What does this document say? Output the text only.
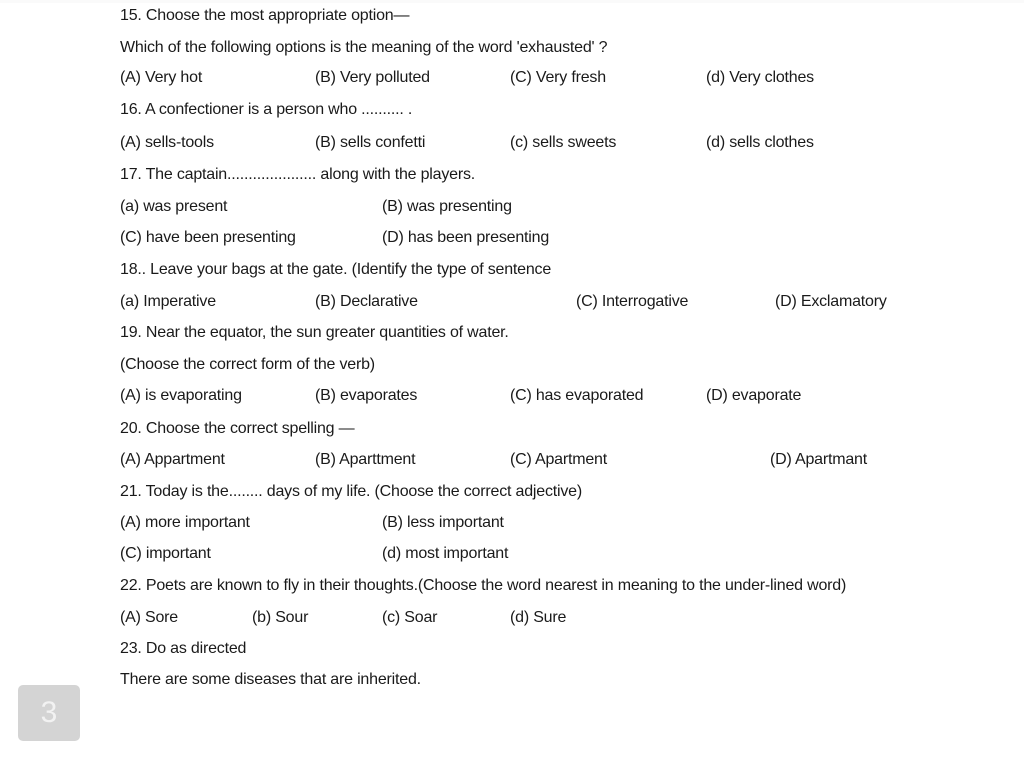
15. Choose the most appropriate option—
Which of the following options is the meaning of the word 'exhausted' ?
(A) Very hot	(B) Very polluted	(C) Very fresh	(d) Very clothes
16. A confectioner is a person who .......... .
(A) sells-tools	(B) sells confetti	(c) sells sweets	(d) sells clothes
17. The captain..................... along with the players.
(a) was present	(B) was presenting
(C) have been presenting	(D) has been presenting
18.. Leave your bags at the gate. (Identify the type of sentence
(a) Imperative	(B) Declarative	(C) Interrogative	(D) Exclamatory
19. Near the equator, the sun greater quantities of water.
(Choose the correct form of the verb)
(A) is evaporating	(B) evaporates	(C) has evaporated	(D) evaporate
20. Choose the correct spelling —
(A) Appartment	(B) Aparttment	(C) Apartment	(D) Apartmant
21. Today is the........ days of my life. (Choose the correct adjective)
(A) more important	(B) less important
(C) important	(d) most important
22. Poets are known to fly in their thoughts.(Choose the word nearest in meaning to the under-lined word)
(A) Sore	(b) Sour	(c) Soar	(d) Sure
23. Do as directed
There are some diseases that are inherited.
3
